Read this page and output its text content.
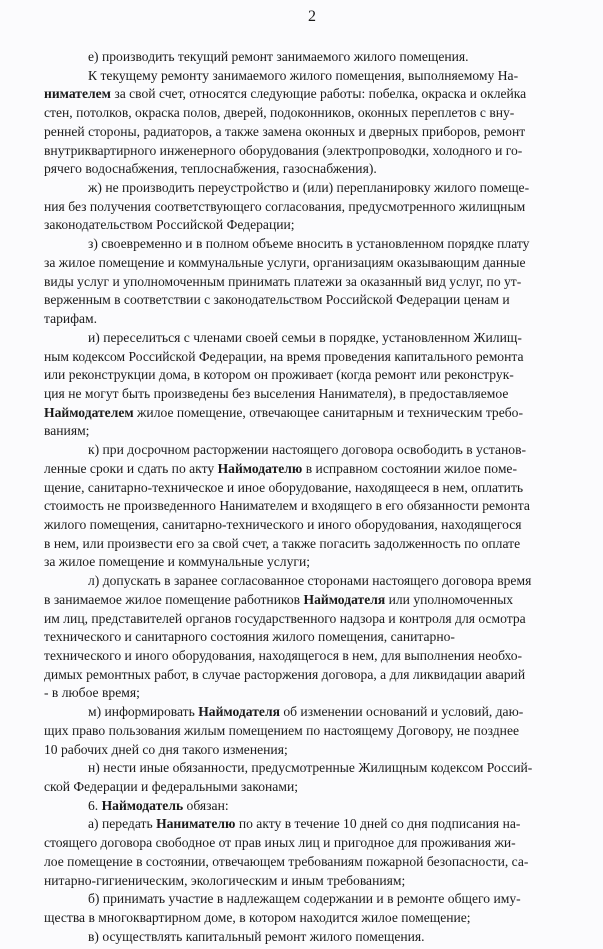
2
е) производить текущий ремонт занимаемого жилого помещения.
К текущему ремонту занимаемого жилого помещения, выполняемому На-
нимателем за свой счет, относятся следующие работы: побелка, окраска и оклейка
стен, потолков, окраска полов, дверей, подоконников, оконных переплетов с вну-
ренней стороны, радиаторов, а также замена оконных и дверных приборов, ремонт
внутриквартирного инженерного оборудования (электропроводки, холодного и го-
рячего водоснабжения, теплоснабжения, газоснабжения).
ж) не производить переустройство и (или) перепланировку жилого помеще-
ния без получения соответствующего согласования, предусмотренного жилищным
законодательством Российской Федерации;
з) своевременно и в полном объеме вносить в установленном порядке плату
за жилое помещение и коммунальные услуги, организациям оказывающим данные
виды услуг и уполномоченным принимать платежи за оказанный вид услуг, по ут-
верженным в соответствии с законодательством Российской Федерации ценам и
тарифам.
и) переселиться с членами своей семьи в порядке, установленном Жилищ-
ным кодексом Российской Федерации, на время проведения капитального ремонта
или реконструкции дома, в котором он проживает (когда ремонт или реконструк-
ция не могут быть произведены без выселения Нанимателя), в предоставляемое
Наймодателем жилое помещение, отвечающее санитарным и техническим требо-
ваниям;
к) при досрочном расторжении настоящего договора освободить в установ-
ленные сроки и сдать по акту Наймодателю в исправном состоянии жилое поме-
щение, санитарно-техническое и иное оборудование, находящееся в нем, оплатить
стоимость не произведенного Нанимателем и входящего в его обязанности ремонта
жилого помещения, санитарно-технического и иного оборудования, находящегося
в нем, или произвести его за свой счет, а также погасить задолженность по оплате
за жилое помещение и коммунальные услуги;
л) допускать в заранее согласованное сторонами настоящего договора время
в занимаемое жилое помещение работников Наймодателя или уполномоченных
им лиц, представителей органов государственного надзора и контроля для осмотра
технического и санитарного состояния жилого помещения, санитарно-
технического и иного оборудования, находящегося в нем, для выполнения необхо-
димых ремонтных работ, в случае расторжения договора, а для ликвидации аварий
- в любое время;
м) информировать Наймодателя об изменении оснований и условий, даю-
щих право пользования жилым помещением по настоящему Договору, не позднее
10 рабочих дней со дня такого изменения;
н) нести иные обязанности, предусмотренные Жилищным кодексом Россий-
ской Федерации и федеральными законами;
6. Наймодатель обязан:
а) передать Нанимателю по акту в течение 10 дней со дня подписания на-
стоящего договора свободное от прав иных лиц и пригодное для проживания жи-
лое помещение в состоянии, отвечающем требованиям пожарной безопасности, са-
нитарно-гигиеническим, экологическим и иным требованиям;
б) принимать участие в надлежащем содержании и в ремонте общего иму-
щества в многоквартирном доме, в котором находится жилое помещение;
в) осуществлять капитальный ремонт жилого помещения.
